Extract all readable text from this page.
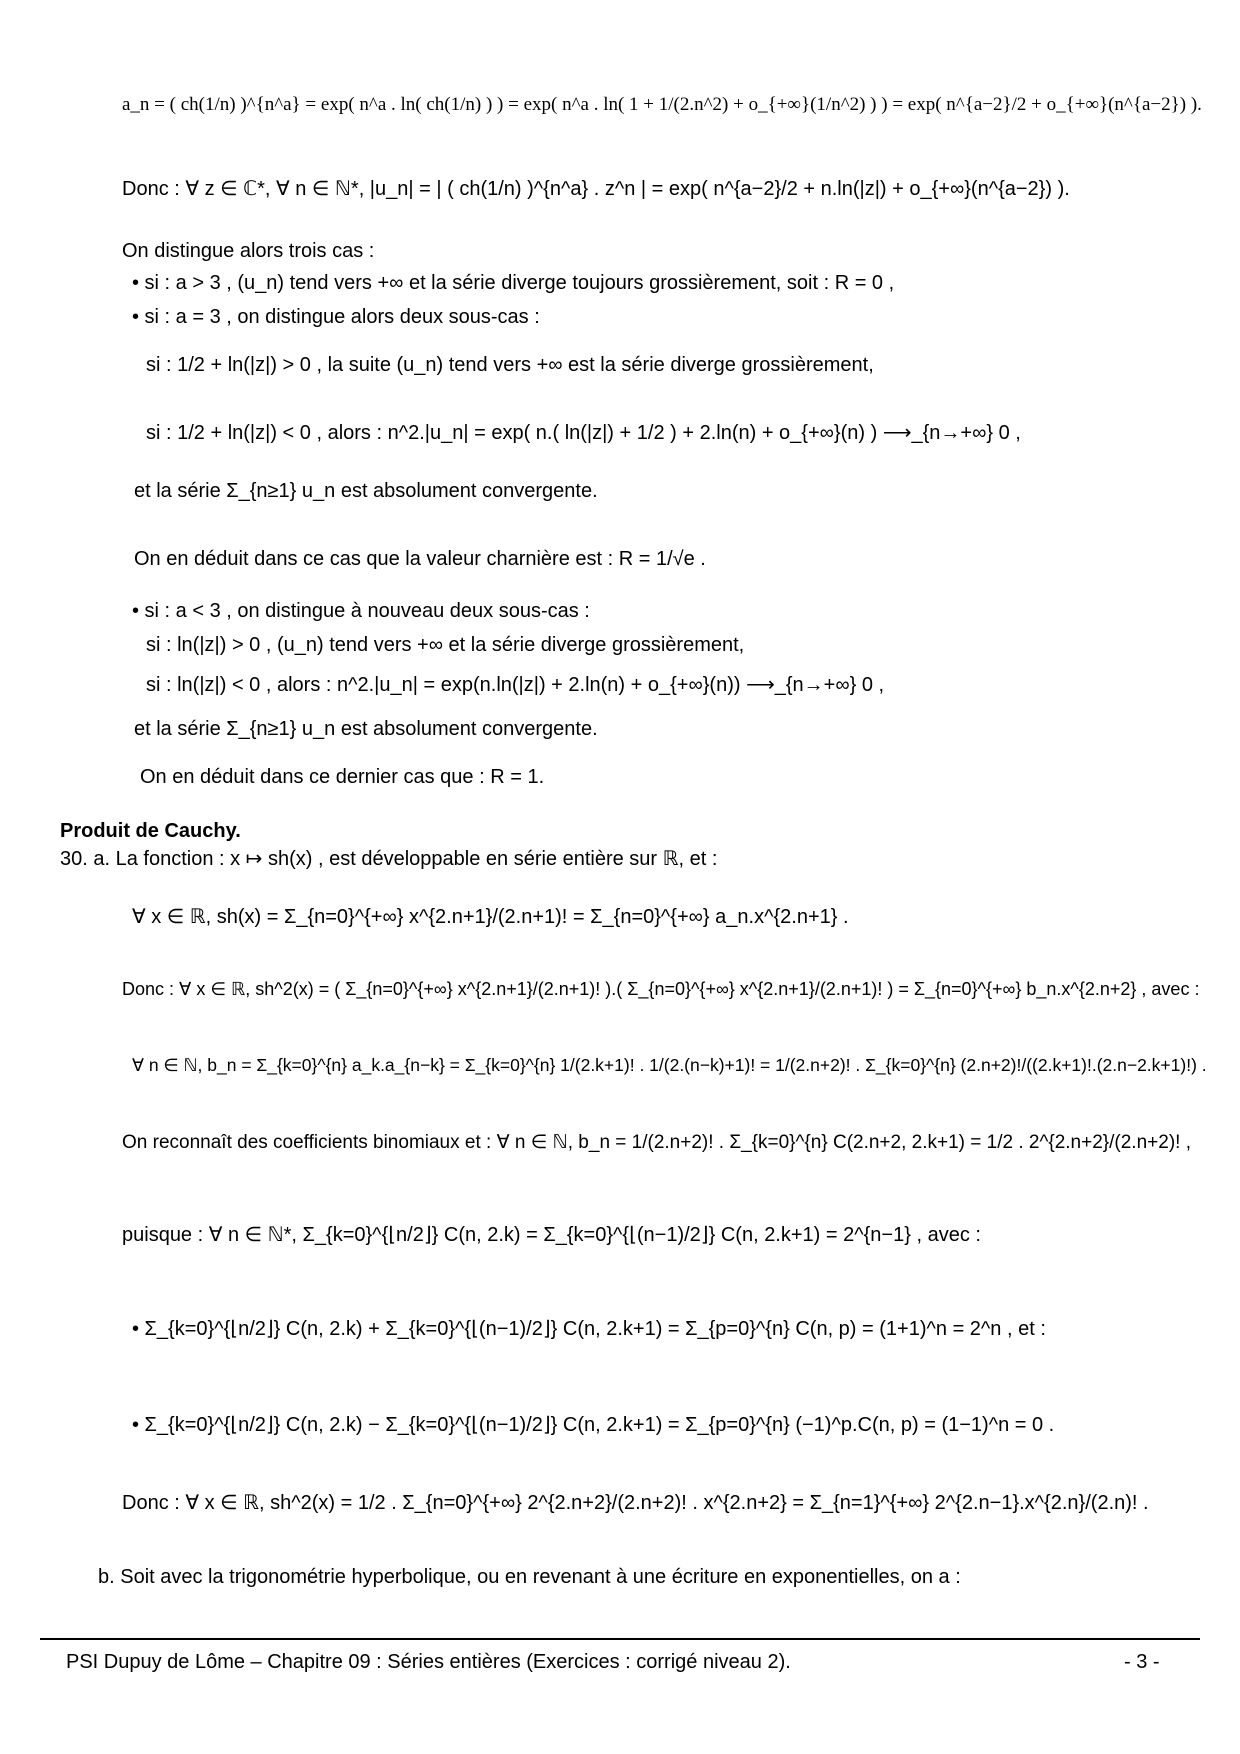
a_n = ( ch(1/n) )^{n^a} = exp( n^a . ln( ch(1/n) ) ) = exp( n^a . ln( 1 + 1/(2.n^2) + o_{+∞}(1/n^2) ) ) = exp( n^{a−2}/2 + o_{+∞}(n^{a−2}) ).
Donc : ∀ z ∈ ℂ*, ∀ n ∈ ℕ*, |u_n| = | ( ch(1/n) )^{n^a} . z^n | = exp( n^{a−2}/2 + n.ln(|z|) + o_{+∞}(n^{a−2}) ).
On distingue alors trois cas :
• si : a > 3 , (u_n) tend vers +∞ et la série diverge toujours grossièrement, soit : R = 0 ,
• si : a = 3 , on distingue alors deux sous-cas :
si : 1/2 + ln(|z|) > 0 , la suite (u_n) tend vers +∞ est la série diverge grossièrement,
si : 1/2 + ln(|z|) < 0 , alors : n^2.|u_n| = exp( n.( ln(|z|) + 1/2 ) + 2.ln(n) + o_{+∞}(n) ) ⟶_{n→+∞} 0 ,
et la série Σ_{n≥1} u_n est absolument convergente.
On en déduit dans ce cas que la valeur charnière est : R = 1/√e .
• si : a < 3 , on distingue à nouveau deux sous-cas :
si : ln(|z|) > 0 , (u_n) tend vers +∞ et la série diverge grossièrement,
si : ln(|z|) < 0 , alors : n^2.|u_n| = exp(n.ln(|z|) + 2.ln(n) + o_{+∞}(n)) ⟶_{n→+∞} 0 ,
et la série Σ_{n≥1} u_n est absolument convergente.
On en déduit dans ce dernier cas que : R = 1.
Produit de Cauchy.
30. a. La fonction : x ↦ sh(x) , est développable en série entière sur ℝ, et :
∀ x ∈ ℝ, sh(x) = Σ_{n=0}^{+∞} x^{2.n+1}/(2.n+1)! = Σ_{n=0}^{+∞} a_n.x^{2.n+1} .
Donc : ∀ x ∈ ℝ, sh^2(x) = ( Σ_{n=0}^{+∞} x^{2.n+1}/(2.n+1)! ).( Σ_{n=0}^{+∞} x^{2.n+1}/(2.n+1)! ) = Σ_{n=0}^{+∞} b_n.x^{2.n+2} , avec :
∀ n ∈ ℕ, b_n = Σ_{k=0}^{n} a_k.a_{n−k} = Σ_{k=0}^{n} 1/(2.k+1)! . 1/(2.(n−k)+1)! = 1/(2.n+2)! . Σ_{k=0}^{n} (2.n+2)!/((2.k+1)!.(2.n−2.k+1)!) .
On reconnaît des coefficients binomiaux et : ∀ n ∈ ℕ, b_n = 1/(2.n+2)! . Σ_{k=0}^{n} C(2.n+2, 2.k+1) = 1/2 . 2^{2.n+2}/(2.n+2)! ,
puisque : ∀ n ∈ ℕ*, Σ_{k=0}^{⌊n/2⌋} C(n, 2.k) = Σ_{k=0}^{⌊(n−1)/2⌋} C(n, 2.k+1) = 2^{n−1} , avec :
• Σ_{k=0}^{⌊n/2⌋} C(n, 2.k) + Σ_{k=0}^{⌊(n−1)/2⌋} C(n, 2.k+1) = Σ_{p=0}^{n} C(n, p) = (1+1)^n = 2^n , et :
• Σ_{k=0}^{⌊n/2⌋} C(n, 2.k) − Σ_{k=0}^{⌊(n−1)/2⌋} C(n, 2.k+1) = Σ_{p=0}^{n} (−1)^p.C(n, p) = (1−1)^n = 0 .
Donc : ∀ x ∈ ℝ, sh^2(x) = 1/2 . Σ_{n=0}^{+∞} 2^{2.n+2}/(2.n+2)! . x^{2.n+2} = Σ_{n=1}^{+∞} 2^{2.n−1}.x^{2.n}/(2.n)! .
b. Soit avec la trigonométrie hyperbolique, ou en revenant à une écriture en exponentielles, on a :
PSI Dupuy de Lôme – Chapitre 09 : Séries entières (Exercices : corrigé niveau 2).	- 3 -
